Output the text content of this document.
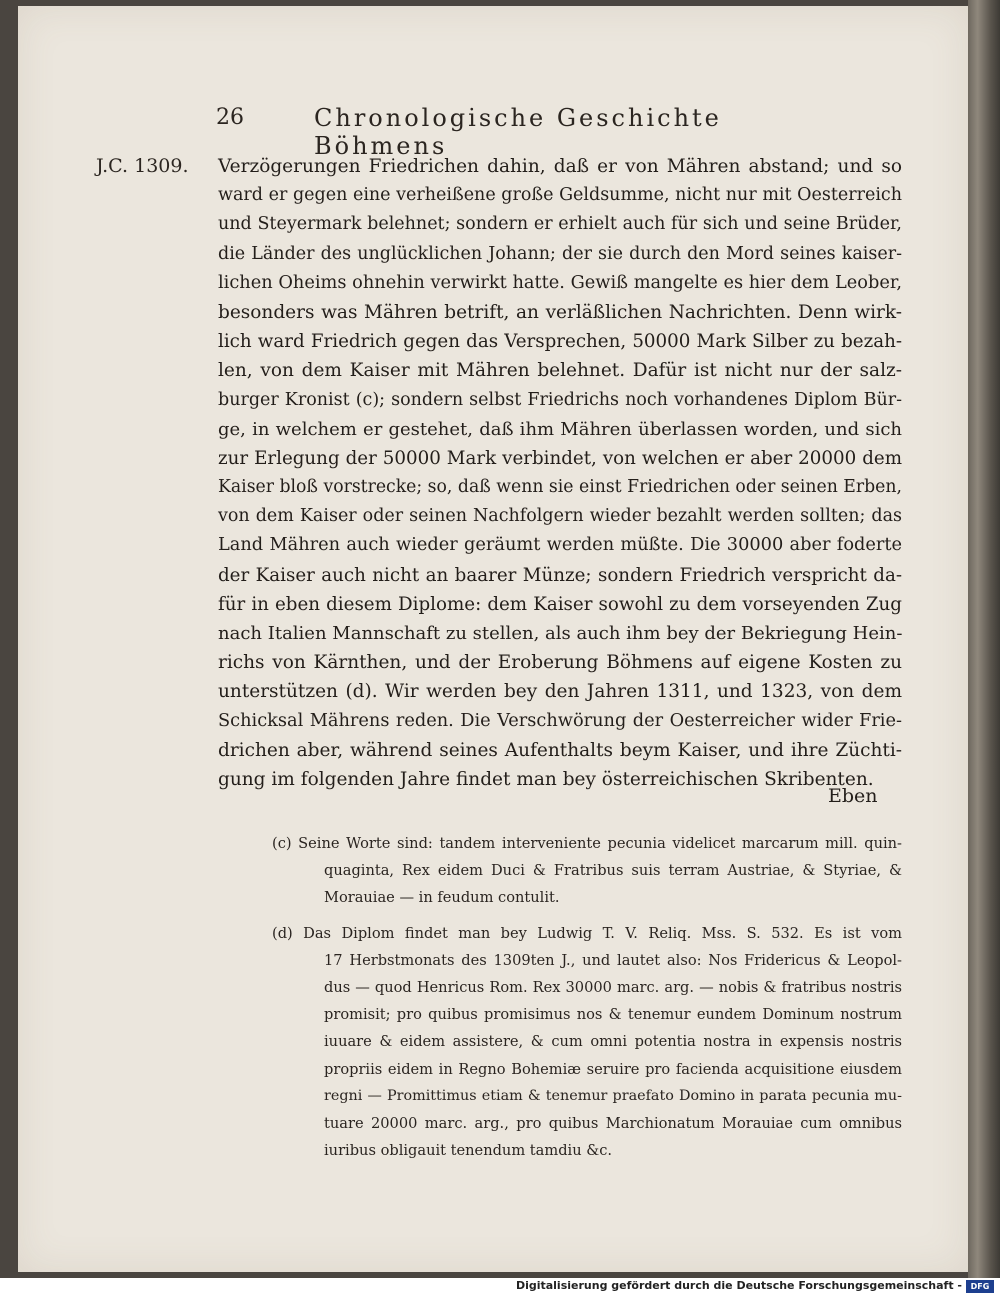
26	Chronologische Geschichte Böhmens
J.C. 1309. Verzögerungen Friedrichen dahin, daß er von Mähren abstand; und so
ward er gegen eine verheißene große Geldsumme, nicht nur mit Oesterreich
und Steyermark belehnet; sondern er erhielt auch für sich und seine Brüder,
die Länder des unglücklichen Johann; der sie durch den Mord seines kaiser-
lichen Oheims ohnehin verwirkt hatte. Gewiß mangelte es hier dem Leober,
besonders was Mähren betrift, an verläßlichen Nachrichten. Denn wirk-
lich ward Friedrich gegen das Versprechen, 50000 Mark Silber zu bezah-
len, von dem Kaiser mit Mähren belehnet. Dafür ist nicht nur der salz-
burger Kronist (c); sondern selbst Friedrichs noch vorhandenes Diplom Bür-
ge, in welchem er gestehet, daß ihm Mähren überlassen worden, und sich
zur Erlegung der 50000 Mark verbindet, von welchen er aber 20000 dem
Kaiser bloß vorstrecke; so, daß wenn sie einst Friedrichen oder seinen Erben,
von dem Kaiser oder seinen Nachfolgern wieder bezahlt werden sollten; das
Land Mähren auch wieder geräumt werden müßte. Die 30000 aber foderte
der Kaiser auch nicht an baarer Münze; sondern Friedrich verspricht da-
für in eben diesem Diplome: dem Kaiser sowohl zu dem vorseyenden Zug
nach Italien Mannschaft zu stellen, als auch ihm bey der Bekriegung Hein-
richs von Kärnthen, und der Eroberung Böhmens auf eigene Kosten zu
unterstützen (d). Wir werden bey den Jahren 1311, und 1323, von dem
Schicksal Mährens reden. Die Verschwörung der Oesterreicher wider Frie-
drichen aber, während seines Aufenthalts beym Kaiser, und ihre Züchti-
gung im folgenden Jahre findet man bey österreichischen Skribenten.
Eben
(c) Seine Worte sind: tandem interveniente pecunia videlicet marcarum mill. quin-
quaginta, Rex eidem Duci & Fratribus suis terram Austriae, & Styriae, &
Morauiae — in feudum contulit.
(d) Das Diplom findet man bey Ludwig T. V. Reliq. Mss. S. 532. Es ist vom
17 Herbstmonats des 1309ten J., und lautet also: Nos Fridericus & Leopol-
dus — quod Henricus Rom. Rex 30000 marc. arg. — nobis & fratribus nostris
promisit; pro quibus promisimus nos & tenemur eundem Dominum nostrum
iuuare & eidem assistere, & cum omni potentia nostra in expensis nostris
propriis eidem in Regno Bohemiæ seruire pro facienda acquisitione eiusdem
regni — Promittimus etiam & tenemur praefato Domino in parata pecunia mu-
tuare 20000 marc. arg., pro quibus Marchionatum Morauiae cum omnibus
iuribus obligauit tenendum tamdiu &c.
Digitalisierung gefördert durch die Deutsche Forschungsgemeinschaft -	DFG
